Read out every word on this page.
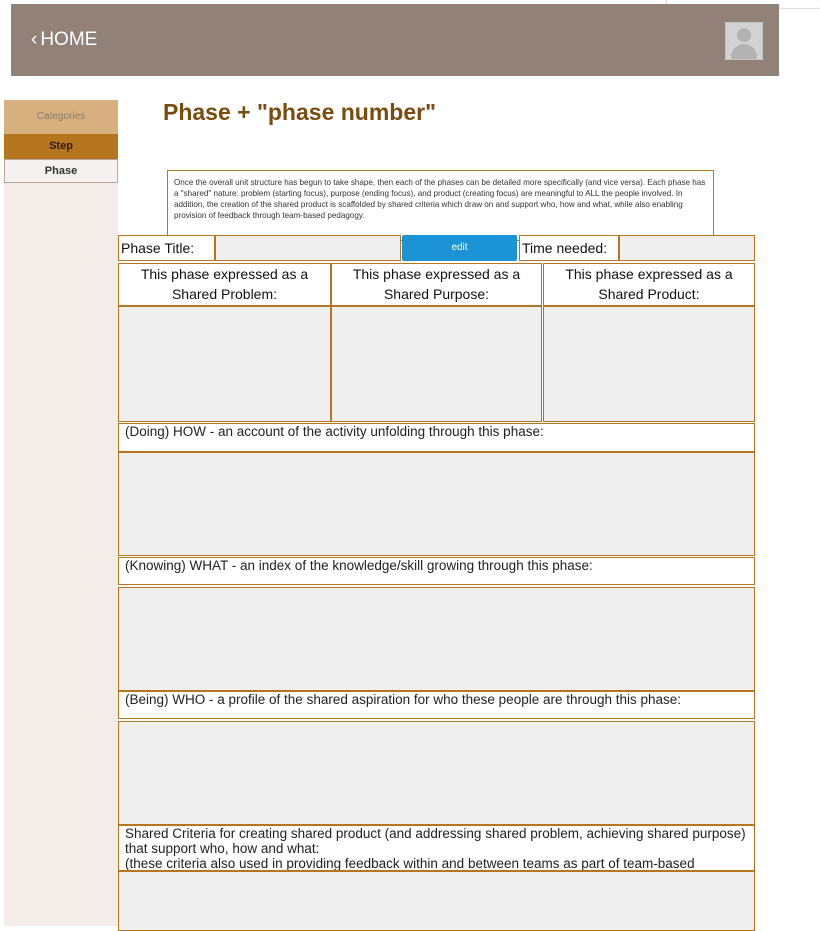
‹ HOME
Categories
Step
Phase
Phase + "phase number"
Once the overall unit structure has begun to take shape, then each of the phases can be detailed more specifically (and vice versa). Each phase has a "shared" nature: problem (starting focus), purpose (ending focus), and product (creating focus) are meaningful to ALL the people involved. In addition, the creation of the shared product is scaffolded by shared criteria which draw on and support who, how and what, while also enabling provision of feedback through team-based pedagogy.
Phase Title:	edit	Time needed:
This phase expressed as a Shared Problem:
This phase expressed as a Shared Purpose:
This phase expressed as a Shared Product:
(Doing) HOW - an account of the activity unfolding through this phase:
(Knowing) WHAT - an index of the knowledge/skill growing through this phase:
(Being) WHO - a profile of the shared aspiration for who these people are through this phase:
Shared Criteria for creating shared product (and addressing shared problem, achieving shared purpose) that support who, how and what:
(these criteria also used in providing feedback within and between teams as part of team-based
